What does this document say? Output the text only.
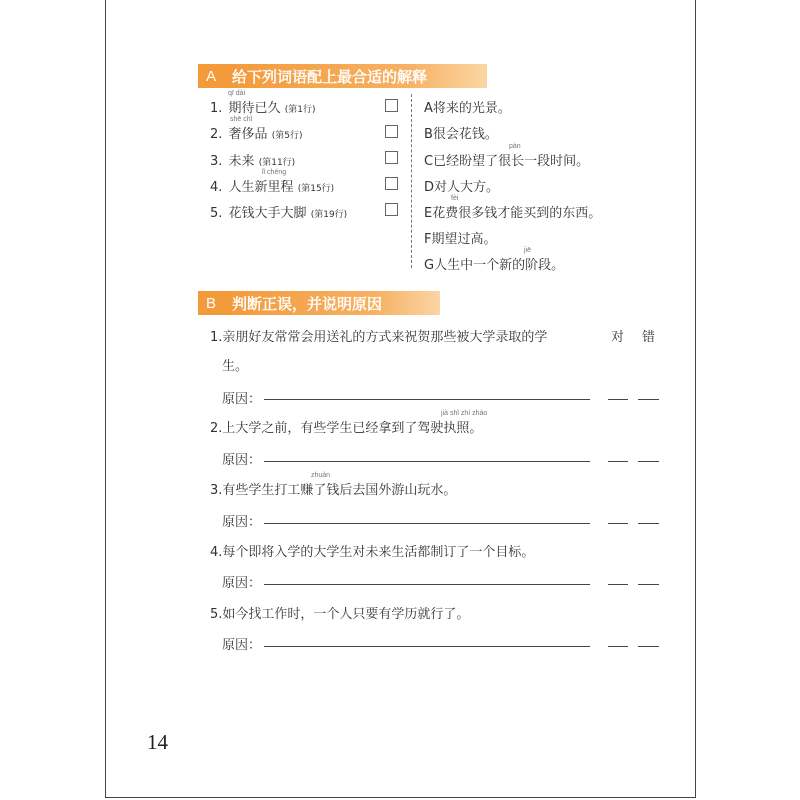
A	给下列词语配上最合适的解释
qī dài
1. 期待已久 (第1行)
shē chǐ
2. 奢侈品 (第5行)
3. 未来 (第11行)
lǐ chéng
4. 人生新里程 (第15行)
5. 花钱大手大脚 (第19行)
A将来的光景。
B很会花钱。
pàn
C已经盼望了很长一段时间。
D对人大方。
fèi
E花费很多钱才能买到的东西。
F期望过高。
jiē
G人生中一个新的阶段。
B	判断正误，并说明原因
对 错
1.亲朋好友常常会用送礼的方式来祝贺那些被大学录取的学
生。
原因：
jià shǐ zhí zhào
2.上大学之前，有些学生已经拿到了驾驶执照。
原因：
zhuàn
3.有些学生打工赚了钱后去国外游山玩水。
原因：
4.每个即将入学的大学生对未来生活都制订了一个目标。
原因：
5.如今找工作时，一个人只要有学历就行了。
原因：
14
